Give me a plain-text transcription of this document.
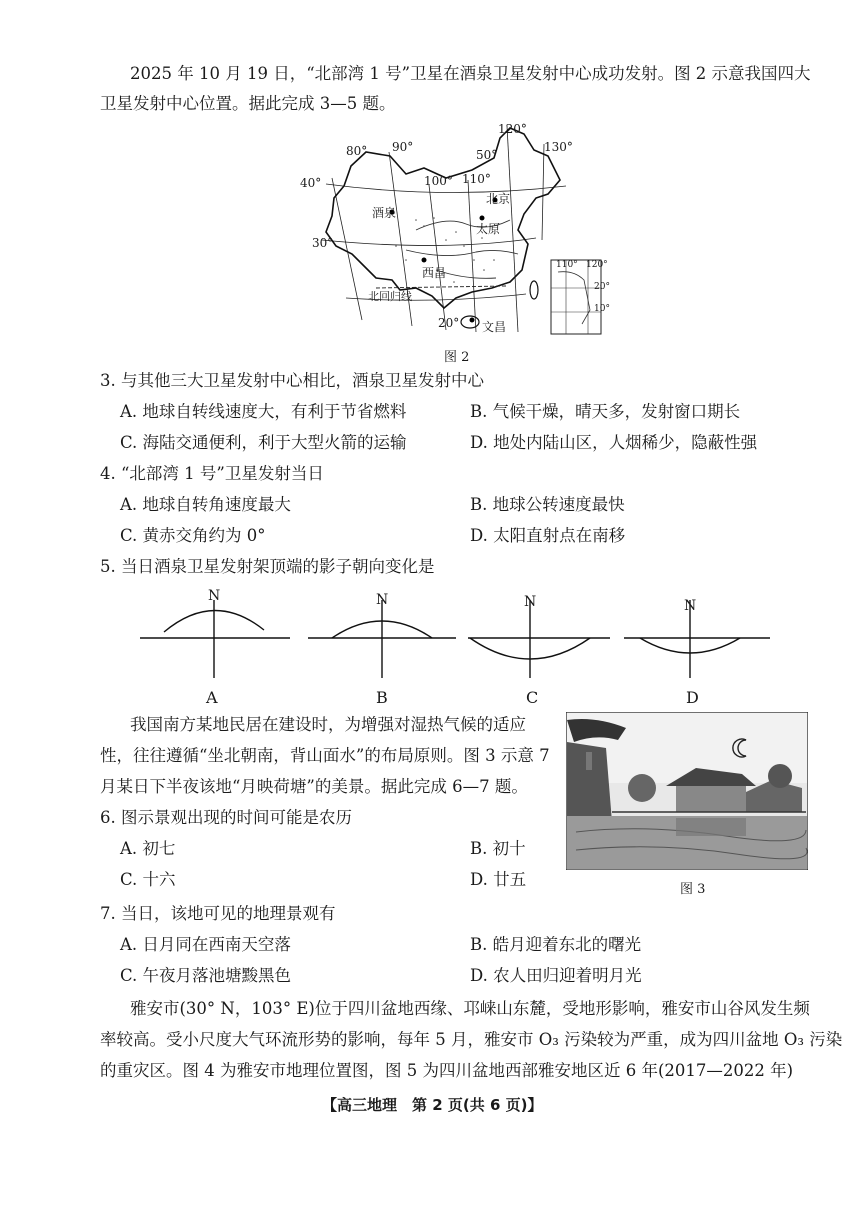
2025 年 10 月 19 日，“北部湾 1 号”卫星在酒泉卫星发射中心成功发射。图 2 示意我国四大
卫星发射中心位置。据此完成 3—5 题。
80° 90°
100° 110°
120°
130°
50°
40°
30°
20°
北京
酒泉
太原
西昌
文昌
北回归线
110° 120°
20°
10°
图 2
3. 与其他三大卫星发射中心相比，酒泉卫星发射中心
A. 地球自转线速度大，有利于节省燃料	B. 气候干燥，晴天多，发射窗口期长
C. 海陆交通便利，利于大型火箭的运输	D. 地处内陆山区，人烟稀少，隐蔽性强
4. “北部湾 1 号”卫星发射当日
A. 地球自转角速度最大	B. 地球公转速度最快
C. 黄赤交角约为 0°	D. 太阳直射点在南移
5. 当日酒泉卫星发射架顶端的影子朝向变化是
N	N	N	N
A	B	C	D
我国南方某地民居在建设时，为增强对湿热气候的适应
性，往往遵循“坐北朝南，背山面水”的布局原则。图 3 示意 7
月某日下半夜该地“月映荷塘”的美景。据此完成 6—7 题。
图 3
6. 图示景观出现的时间可能是农历
A. 初七	B. 初十
C. 十六	D. 廿五
7. 当日，该地可见的地理景观有
A. 日月同在西南天空落	B. 皓月迎着东北的曙光
C. 午夜月落池塘黢黑色	D. 农人田归迎着明月光
雅安市(30° N，103° E)位于四川盆地西缘、邛崃山东麓，受地形影响，雅安市山谷风发生频
率较高。受小尺度大气环流形势的影响，每年 5 月，雅安市 O₃ 污染较为严重，成为四川盆地 O₃ 污染
的重灾区。图 4 为雅安市地理位置图，图 5 为四川盆地西部雅安地区近 6 年(2017—2022 年)
【高三地理　第 2 页(共 6 页)】
